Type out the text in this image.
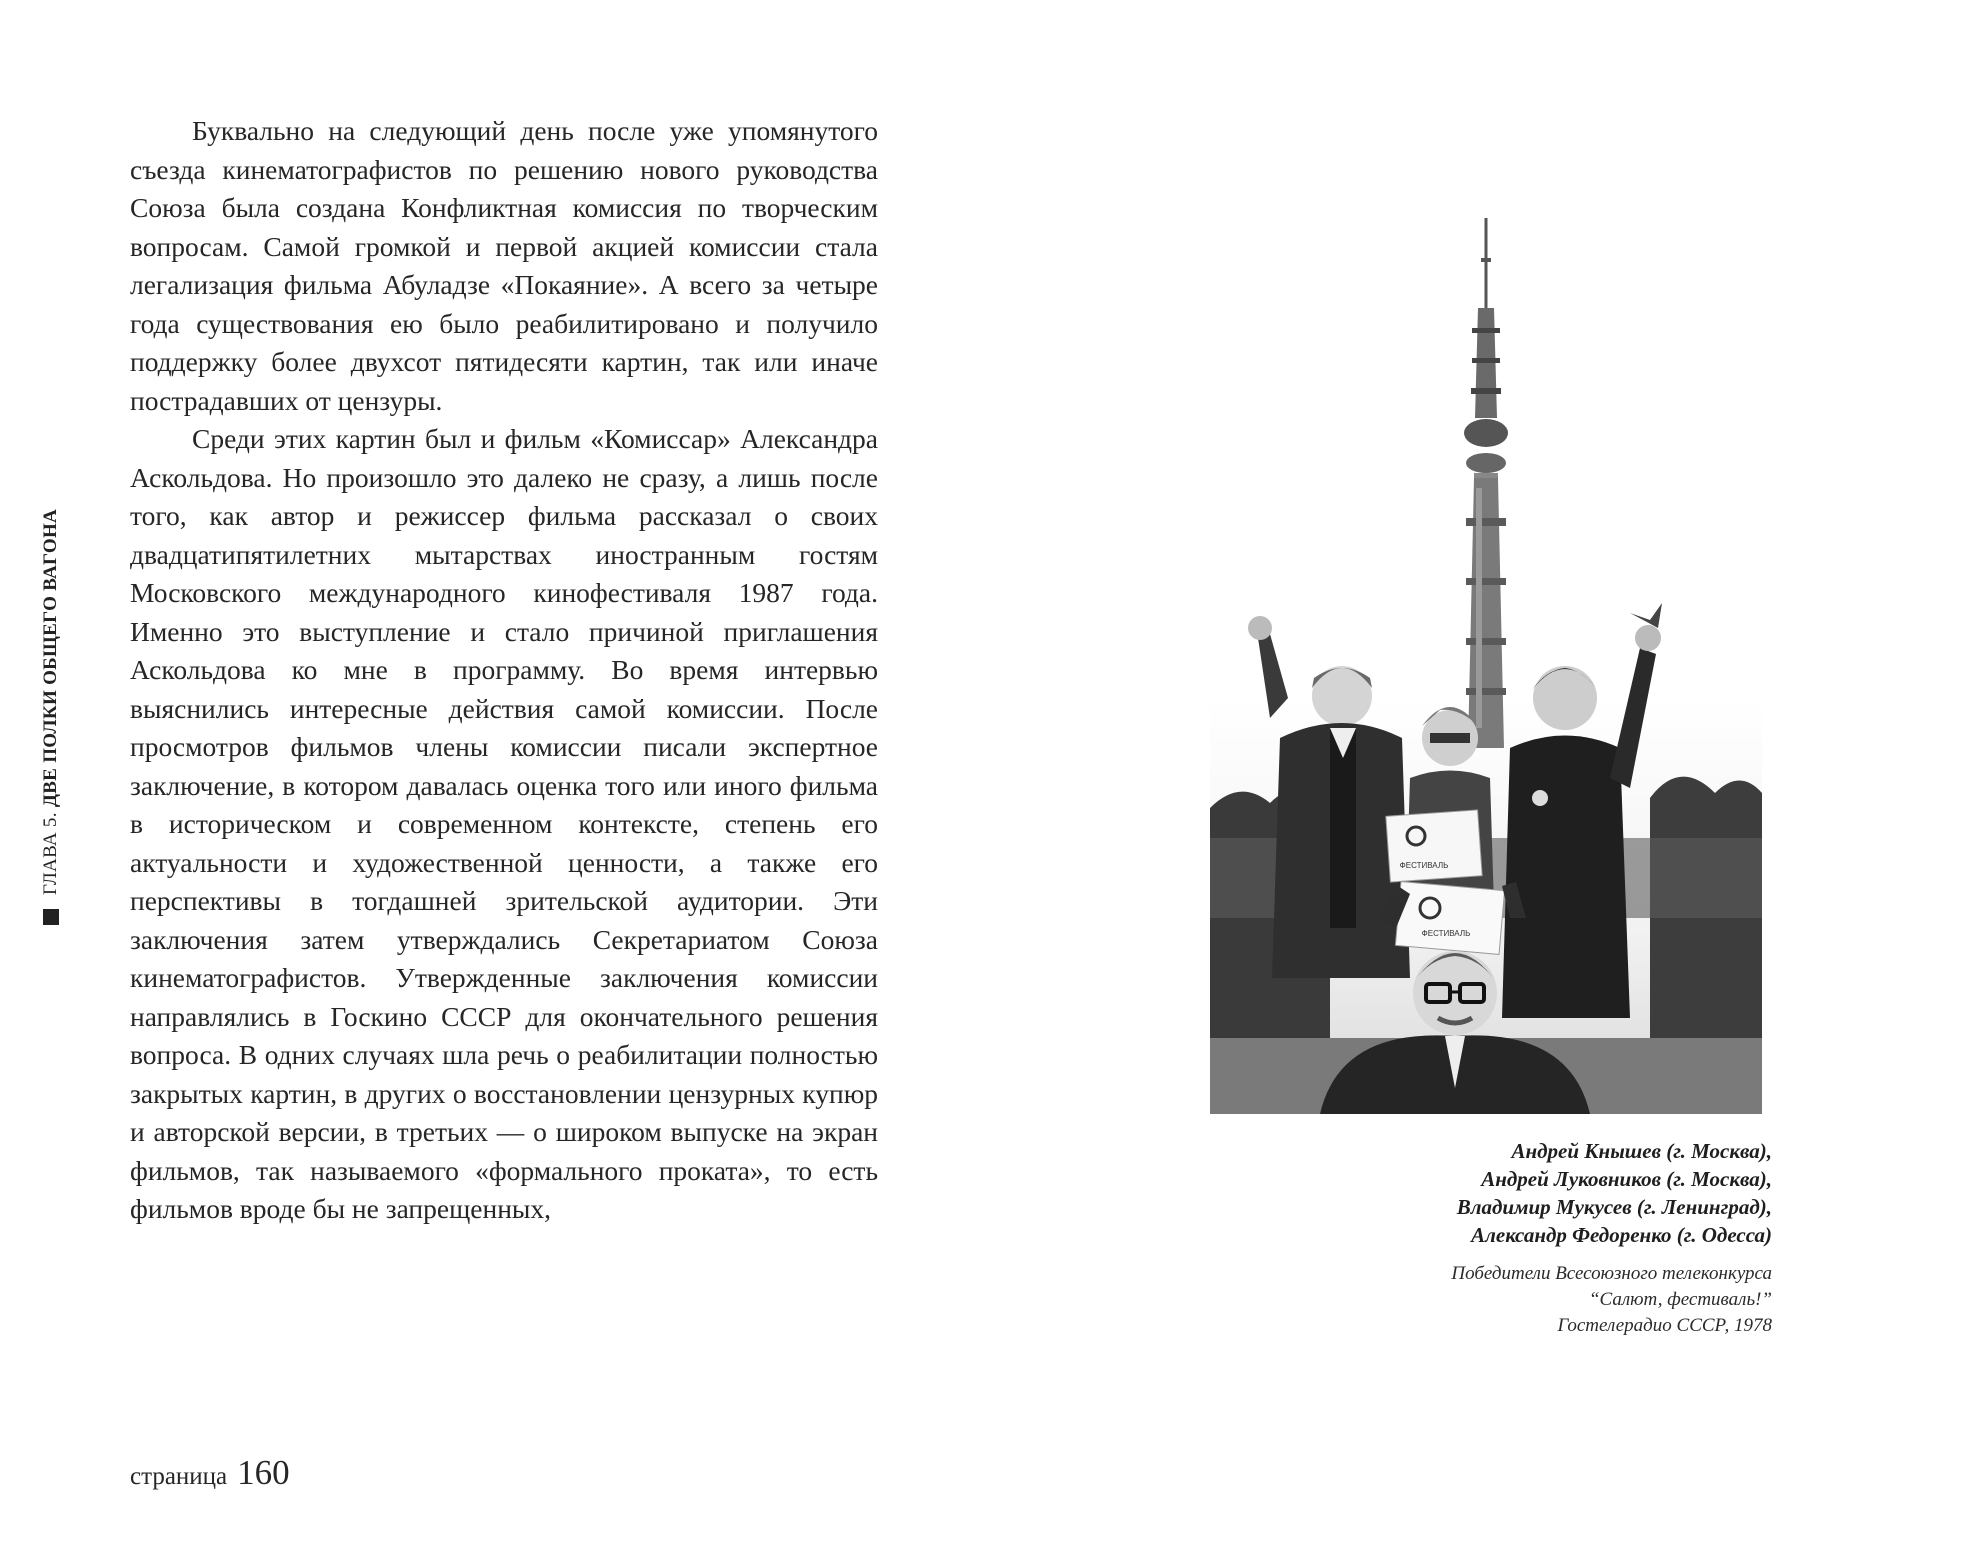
ГЛАВА 5. ДВЕ ПОЛКИ ОБЩЕГО ВАГОНА

Буквально на следующий день после уже упомянутого съезда кинематографистов по решению нового руководства Союза была создана Конфликтная комиссия по творческим вопросам. Самой громкой и первой акцией комиссии стала легализация фильма Абуладзе «Покаяние». А всего за четыре года существования ею было реабилитировано и получило поддержку более двухсот пятидесяти картин, так или иначе пострадавших от цензуры.

Среди этих картин был и фильм «Комиссар» Александра Аскольдова. Но произошло это далеко не сразу, а лишь после того, как автор и режиссер фильма рассказал о своих двадцатипятилетних мытарствах иностранным гостям Московского международного кинофестиваля 1987 года. Именно это выступление и стало причиной приглашения Аскольдова ко мне в программу. Во время интервью выяснились интересные действия самой комиссии. После просмотров фильмов члены комиссии писали экспертное заключение, в котором давалась оценка того или иного фильма в историческом и современном контексте, степень его актуальности и художественной ценности, а также его перспективы в тогдашней зрительской аудитории. Эти заключения затем утверждались Секретариатом Союза кинематографистов. Утвержденные заключения комиссии направлялись в Госкино СССР для окончательного решения вопроса. В одних случаях шла речь о реабилитации полностью закрытых картин, в других о восстановлении цензурных купюр и авторской версии, в третьих — о широком выпуске на экран фильмов, так называемого «формального проката», то есть фильмов вроде бы не запрещенных,

страница 160
ФЕСТИВАЛЬ
ФЕСТИВАЛЬ
Андрей Кнышев (г. Москва),
Андрей Луковников (г. Москва),
Владимир Мукусев (г. Ленинград),
Александр Федоренко (г. Одесса)
Победители Всесоюзного телеконкурса
“Салют, фестиваль!”
Гостелерадио СССР, 1978
